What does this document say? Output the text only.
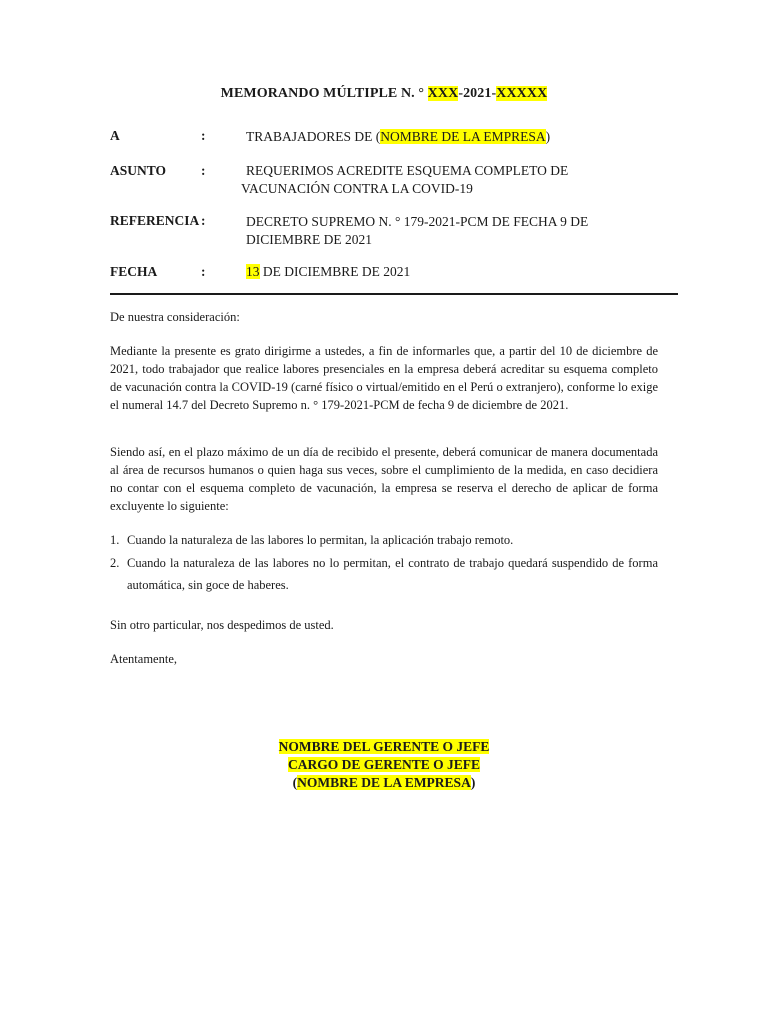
MEMORANDO MÚLTIPLE N. ° XXX-2021-XXXXX
A	:	TRABAJADORES DE (NOMBRE DE LA EMPRESA)
ASUNTO	:	REQUERIMOS ACREDITE ESQUEMA COMPLETO DE
VACUNACIÓN CONTRA LA COVID-19
REFERENCIA :	DECRETO SUPREMO N. ° 179-2021-PCM DE FECHA 9 DE
DICIEMBRE DE 2021
FECHA	:	13 DE DICIEMBRE DE 2021
De nuestra consideración:
Mediante la presente es grato dirigirme a ustedes, a fin de informarles que, a partir del 10 de diciembre de 2021, todo trabajador que realice labores presenciales en la empresa deberá acreditar su esquema completo de vacunación contra la COVID-19 (carné físico o virtual/emitido en el Perú o extranjero), conforme lo exige el numeral 14.7 del Decreto Supremo n. ° 179-2021-PCM de fecha 9 de diciembre de 2021.
Siendo así, en el plazo máximo de un día de recibido el presente, deberá comunicar de manera documentada al área de recursos humanos o quien haga sus veces, sobre el cumplimiento de la medida, en caso decidiera no contar con el esquema completo de vacunación, la empresa se reserva el derecho de aplicar de forma excluyente lo siguiente:
1. Cuando la naturaleza de las labores lo permitan, la aplicación trabajo remoto.
2. Cuando la naturaleza de las labores no lo permitan, el contrato de trabajo quedará suspendido de forma automática, sin goce de haberes.
Sin otro particular, nos despedimos de usted.
Atentamente,
NOMBRE DEL GERENTE O JEFE
CARGO DE GERENTE O JEFE
(NOMBRE DE LA EMPRESA)
